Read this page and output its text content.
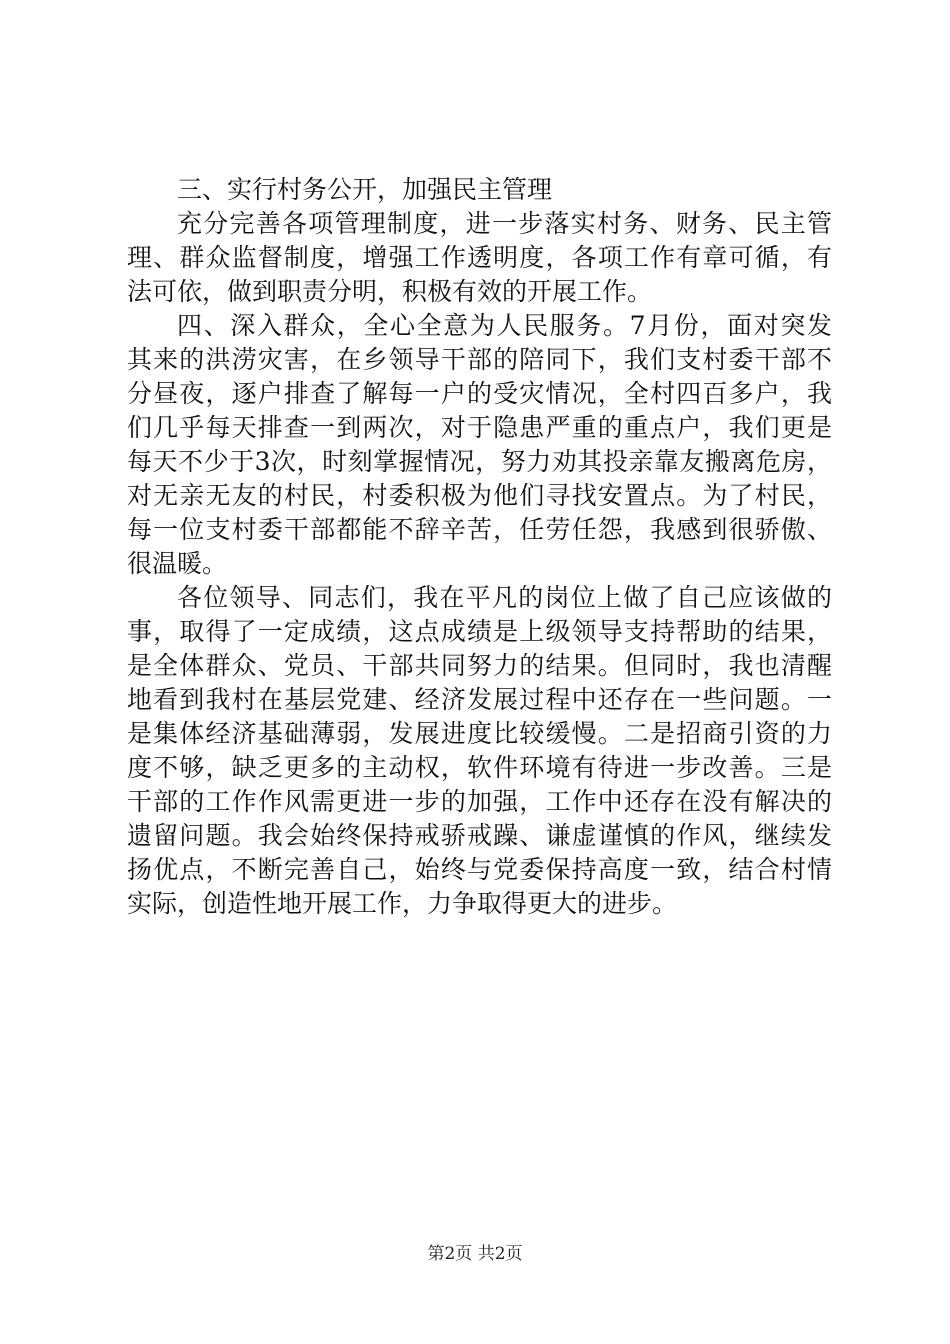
三、实行村务公开，加强民主管理
充分完善各项管理制度，进一步落实村务、财务、民主管
理、群众监督制度，增强工作透明度，各项工作有章可循，有
法可依，做到职责分明，积极有效的开展工作。
四、深入群众，全心全意为人民服务。7月份，面对突发
其来的洪涝灾害，在乡领导干部的陪同下，我们支村委干部不
分昼夜，逐户排查了解每一户的受灾情况，全村四百多户，我
们几乎每天排查一到两次，对于隐患严重的重点户，我们更是
每天不少于3次，时刻掌握情况，努力劝其投亲靠友搬离危房，
对无亲无友的村民，村委积极为他们寻找安置点。为了村民，
每一位支村委干部都能不辞辛苦，任劳任怨，我感到很骄傲、
很温暖。
各位领导、同志们，我在平凡的岗位上做了自己应该做的
事，取得了一定成绩，这点成绩是上级领导支持帮助的结果，
是全体群众、党员、干部共同努力的结果。但同时，我也清醒
地看到我村在基层党建、经济发展过程中还存在一些问题。一
是集体经济基础薄弱，发展进度比较缓慢。二是招商引资的力
度不够，缺乏更多的主动权，软件环境有待进一步改善。三是
干部的工作作风需更进一步的加强，工作中还存在没有解决的
遗留问题。我会始终保持戒骄戒躁、谦虚谨慎的作风，继续发
扬优点，不断完善自己，始终与党委保持高度一致，结合村情
实际，创造性地开展工作，力争取得更大的进步。
第2页 共2页
